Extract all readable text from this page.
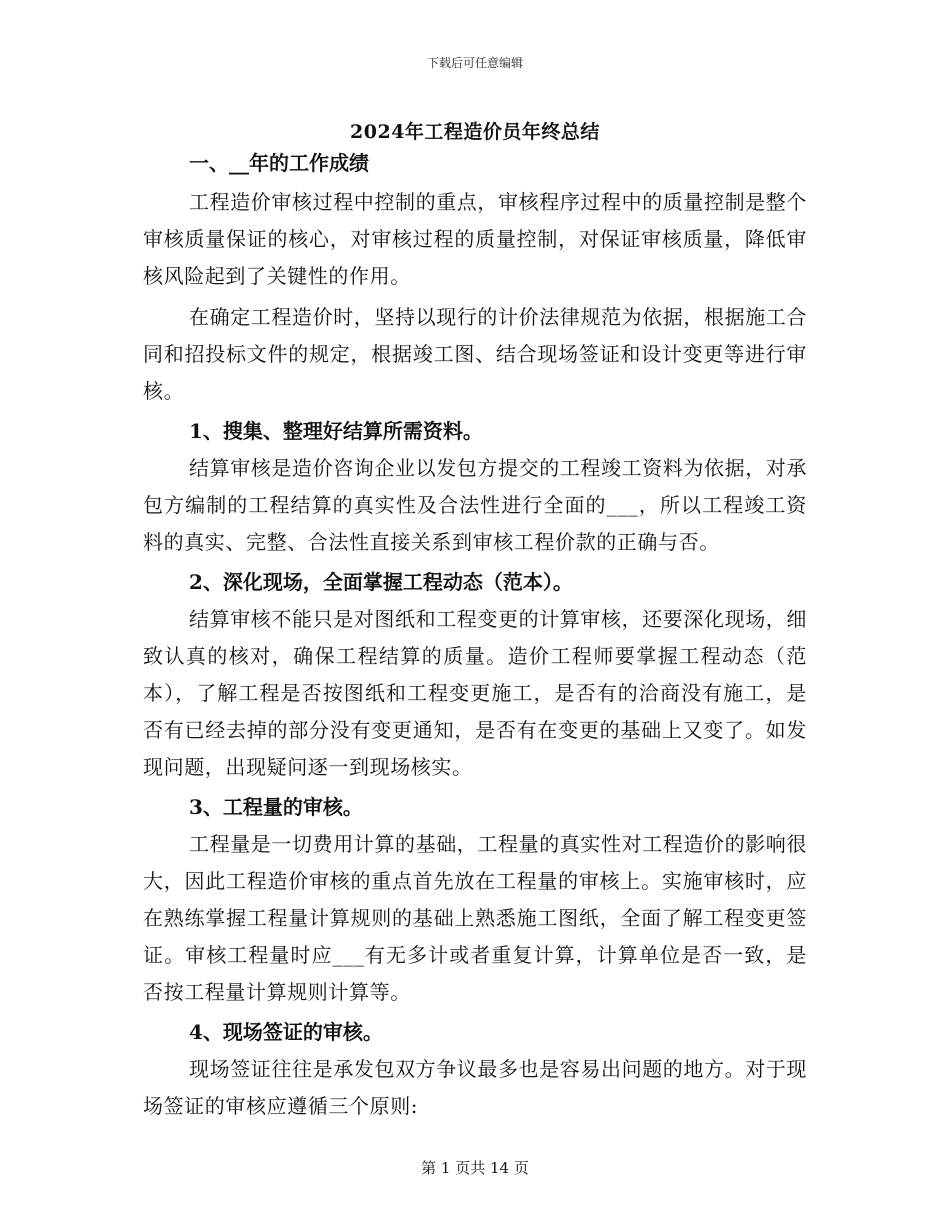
下载后可任意编辑
2024年工程造价员年终总结
一、__年的工作成绩

工程造价审核过程中控制的重点，审核程序过程中的质量控制是整个审核质量保证的核心，对审核过程的质量控制，对保证审核质量，降低审核风险起到了关键性的作用。

在确定工程造价时，坚持以现行的计价法律规范为依据，根据施工合同和招投标文件的规定，根据竣工图、结合现场签证和设计变更等进行审核。

1、搜集、整理好结算所需资料。

结算审核是造价咨询企业以发包方提交的工程竣工资料为依据，对承包方编制的工程结算的真实性及合法性进行全面的___，所以工程竣工资料的真实、完整、合法性直接关系到审核工程价款的正确与否。

2、深化现场，全面掌握工程动态（范本）。

结算审核不能只是对图纸和工程变更的计算审核，还要深化现场，细致认真的核对，确保工程结算的质量。造价工程师要掌握工程动态（范本），了解工程是否按图纸和工程变更施工，是否有的洽商没有施工，是否有已经去掉的部分没有变更通知，是否有在变更的基础上又变了。如发现问题，出现疑问逐一到现场核实。

3、工程量的审核。

工程量是一切费用计算的基础，工程量的真实性对工程造价的影响很大，因此工程造价审核的重点首先放在工程量的审核上。实施审核时，应在熟练掌握工程量计算规则的基础上熟悉施工图纸，全面了解工程变更签证。审核工程量时应___有无多计或者重复计算，计算单位是否一致，是否按工程量计算规则计算等。

4、现场签证的审核。

现场签证往往是承发包双方争议最多也是容易出问题的地方。对于现场签证的审核应遵循三个原则:

第 1 页共 14 页
